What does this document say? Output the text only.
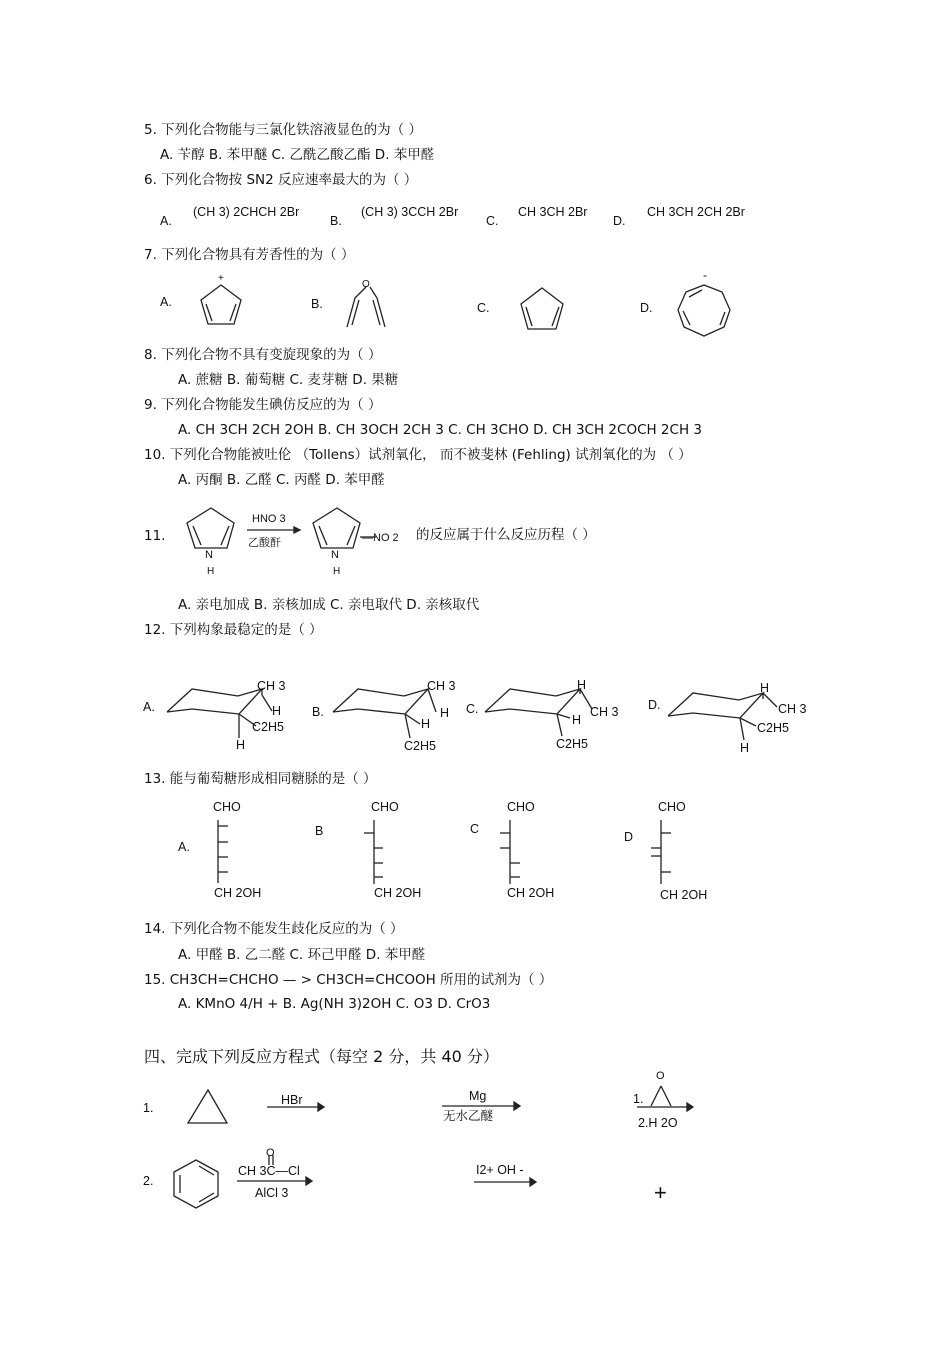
5. 下列化合物能与三氯化铁溶液显色的为（ ）
A. 苄醇 B. 苯甲醚 C. 乙酰乙酸乙酯 D. 苯甲醛
6. 下列化合物按 SN2 反应速率最大的为（ ）
A.
(CH 3) 2CHCH 2Br
B.
(CH 3) 3CCH 2Br
C.
CH 3CH 2Br
D.
CH 3CH 2CH 2Br
7. 下列化合物具有芳香性的为（ ）
A.	B.	C.	D.
+
O
-
8. 下列化合物不具有变旋现象的为（ ）
A. 蔗糖 B. 葡萄糖 C. 麦芽糖 D. 果糖
9. 下列化合物能发生碘仿反应的为（ ）
A. CH 3CH 2CH 2OH B. CH 3OCH 2CH 3 C. CH 3CHO D. CH 3CH 2COCH 2CH 3
10. 下列化合物能被吐伦 （Tollens）试剂氧化， 而不被斐林 (Fehling) 试剂氧化的为 （ ）
A. 丙酮 B. 乙醛 C. 丙醛 D. 苯甲醛
11.
HNO 3
乙酸酐
N
H
N
H
—NO 2 的反应属于什么反应历程（ ）
A. 亲电加成 B. 亲核加成 C. 亲电取代 D. 亲核取代
12. 下列构象最稳定的是（ ）
A.
CH 3
H
C2H5
H
B.
CH 3
H
H
C2H5
C.
H
CH 3
H
C2H5
D.
H
CH 3
C2H5
H
13. 能与葡萄糖形成相同糖脎的是（ ）
A.
CHO
CH 2OH
B
CHO
CH 2OH
C
CHO
CH 2OH
D
CHO
CH 2OH
14. 下列化合物不能发生歧化反应的为（ ）
A. 甲醛 B. 乙二醛 C. 环己甲醛 D. 苯甲醛
15. CH3CH=CHCHO — > CH3CH=CHCOOH 所用的试剂为（ ）
A. KMnO 4/H + B. Ag(NH 3)2OH C. O3 D. CrO3
四、完成下列反应方程式（每空 2 分，共 40 分）
1.
HBr	Mg
无水乙醚
O
1.
2.H 2O
2.
O
CH 3C—Cl
AlCl 3
I2+ OH -
+
